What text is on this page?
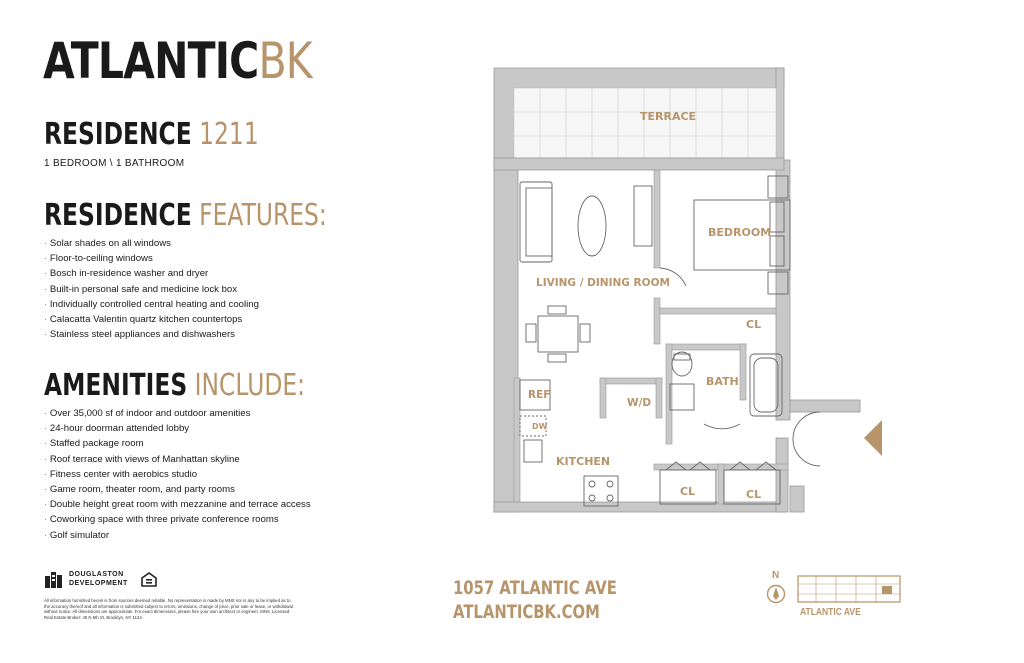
ATLANTICBK
RESIDENCE 1211
1 BEDROOM \ 1 BATHROOM
RESIDENCE FEATURES:
· Solar shades on all windows
· Floor-to-ceiling windows
· Bosch in-residence washer and dryer
· Built-in personal safe and medicine lock box
· Individually controlled central heating and cooling
· Calacatta Valentin quartz kitchen countertops
· Stainless steel appliances and dishwashers
AMENITIES INCLUDE:
· Over 35,000 sf of indoor and outdoor amenities
· 24-hour doorman attended lobby
· Staffed package room
· Roof terrace with views of Manhattan skyline
· Fitness center with aerobics studio
· Game room, theater room, and party rooms
· Double height great room with mezzanine and terrace access
· Coworking space with three private conference rooms
· Golf simulator
DOUGLASTON
DEVELOPMENT
All information furnished herein is from sources deemed reliable. No representation is made by MNS nor is any to be implied as to the accuracy thereof and all information is submitted subject to errors, omissions, change of price, prior sale or lease, or withdrawal without notice. All dimensions are approximate. For exact dimensions, please hire your own architect or engineer. MNS, Licensed Real Estate Broker: 40 N 6th St, Brooklyn, NY 1124.
1057 ATLANTIC AVE
ATLANTICBK.COM
N
ATLANTIC AVE
TERRACE
BEDROOM
LIVING / DINING ROOM
CL
BATH
REF
W/D
DW
KITCHEN
CL	CL
